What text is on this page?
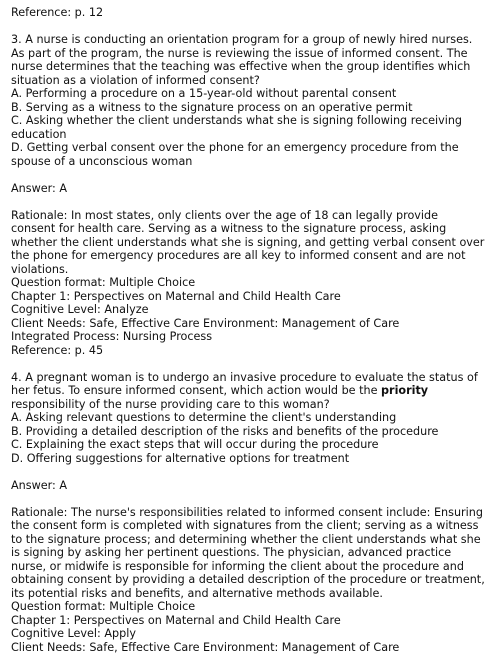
Reference: p. 12
3. A nurse is conducting an orientation program for a group of newly hired nurses.
As part of the program, the nurse is reviewing the issue of informed consent. The
nurse determines that the teaching was effective when the group identifies which
situation as a violation of informed consent?
A. Performing a procedure on a 15-year-old without parental consent
B. Serving as a witness to the signature process on an operative permit
C. Asking whether the client understands what she is signing following receiving
education
D. Getting verbal consent over the phone for an emergency procedure from the
spouse of a unconscious woman
Answer: A
Rationale: In most states, only clients over the age of 18 can legally provide
consent for health care. Serving as a witness to the signature process, asking
whether the client understands what she is signing, and getting verbal consent over
the phone for emergency procedures are all key to informed consent and are not
violations.
Question format: Multiple Choice
Chapter 1: Perspectives on Maternal and Child Health Care
Cognitive Level: Analyze
Client Needs: Safe, Effective Care Environment: Management of Care
Integrated Process: Nursing Process
Reference: p. 45
4. A pregnant woman is to undergo an invasive procedure to evaluate the status of
her fetus. To ensure informed consent, which action would be the priority
responsibility of the nurse providing care to this woman?
A. Asking relevant questions to determine the client's understanding
B. Providing a detailed description of the risks and benefits of the procedure
C. Explaining the exact steps that will occur during the procedure
D. Offering suggestions for alternative options for treatment
Answer: A
Rationale: The nurse's responsibilities related to informed consent include: Ensuring
the consent form is completed with signatures from the client; serving as a witness
to the signature process; and determining whether the client understands what she
is signing by asking her pertinent questions. The physician, advanced practice
nurse, or midwife is responsible for informing the client about the procedure and
obtaining consent by providing a detailed description of the procedure or treatment,
its potential risks and benefits, and alternative methods available.
Question format: Multiple Choice
Chapter 1: Perspectives on Maternal and Child Health Care
Cognitive Level: Apply
Client Needs: Safe, Effective Care Environment: Management of Care
